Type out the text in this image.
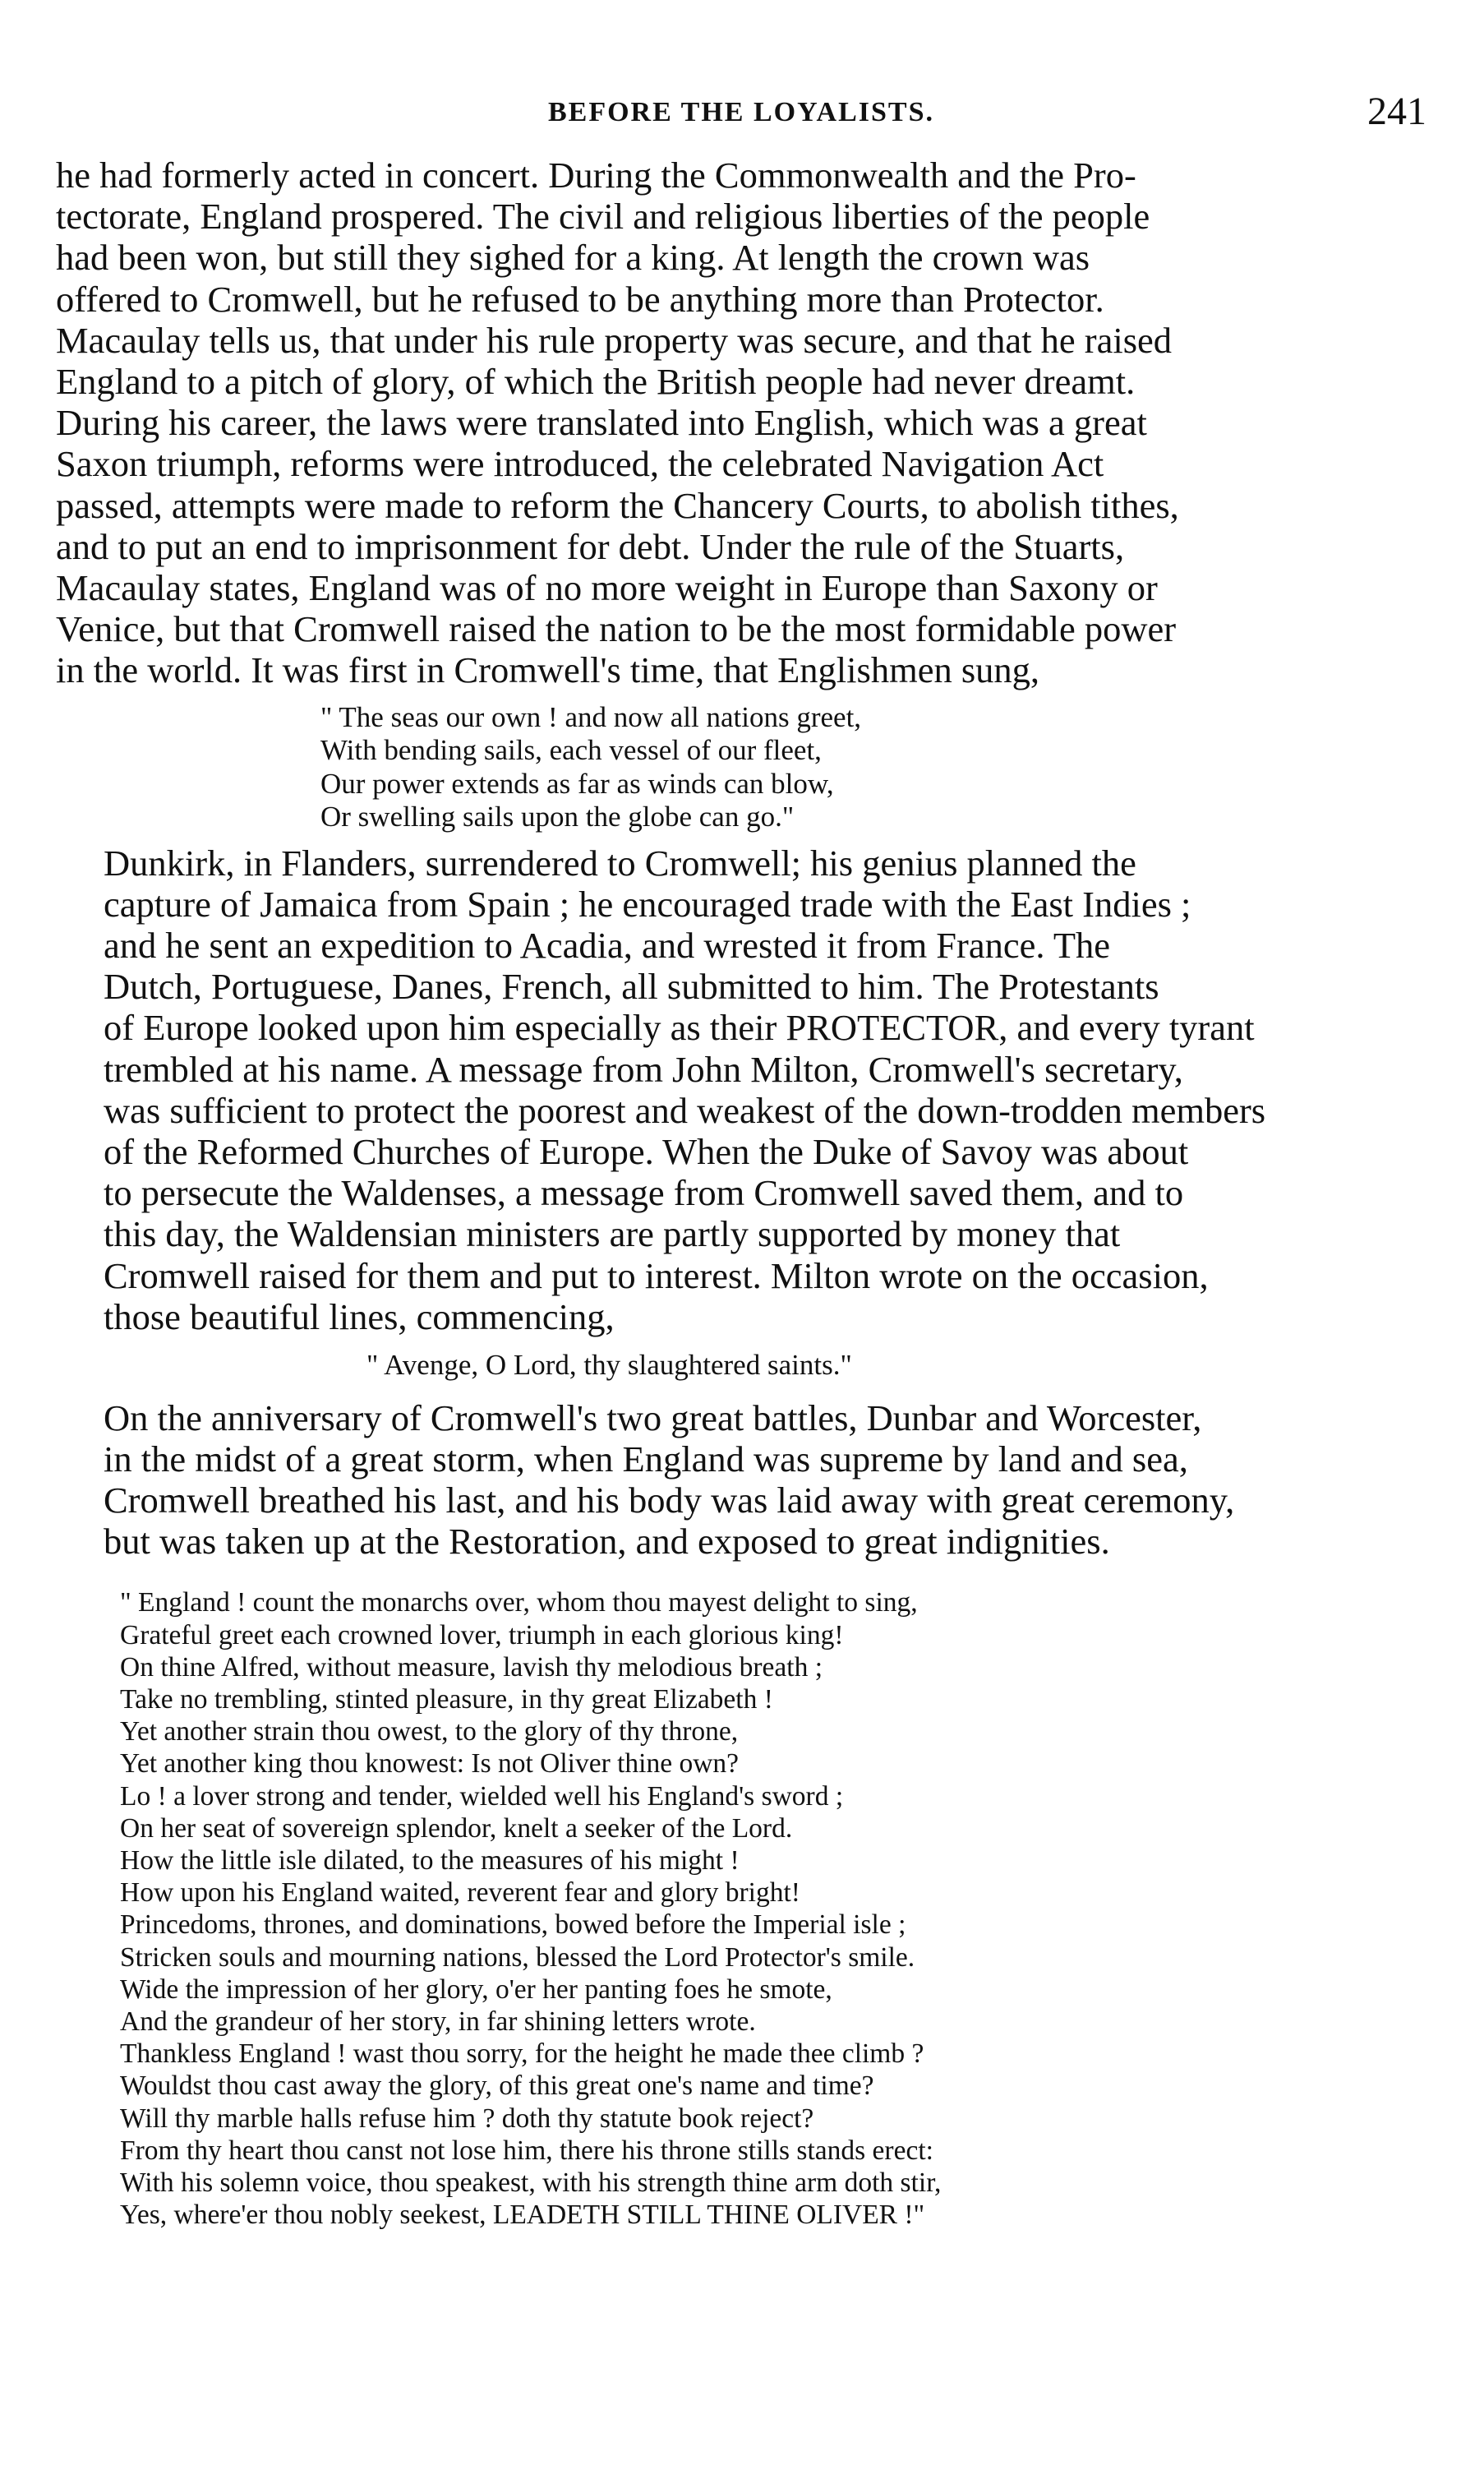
BEFORE THE LOYALISTS.	241
he had formerly acted in concert. During the Commonwealth and the Pro-
tectorate, England prospered. The civil and religious liberties of the people
had been won, but still they sighed for a king. At length the crown was
offered to Cromwell, but he refused to be anything more than Protector.
Macaulay tells us, that under his rule property was secure, and that he raised
England to a pitch of glory, of which the British people had never dreamt.
During his career, the laws were translated into English, which was a great
Saxon triumph, reforms were introduced, the celebrated Navigation Act
passed, attempts were made to reform the Chancery Courts, to abolish tithes,
and to put an end to imprisonment for debt. Under the rule of the Stuarts,
Macaulay states, England was of no more weight in Europe than Saxony or
Venice, but that Cromwell raised the nation to be the most formidable power
in the world. It was first in Cromwell's time, that Englishmen sung,
" The seas our own ! and now all nations greet,
With bending sails, each vessel of our fleet,
Our power extends as far as winds can blow,
Or swelling sails upon the globe can go."
Dunkirk, in Flanders, surrendered to Cromwell; his genius planned the
capture of Jamaica from Spain ; he encouraged trade with the East Indies ;
and he sent an expedition to Acadia, and wrested it from France. The
Dutch, Portuguese, Danes, French, all submitted to him. The Protestants
of Europe looked upon him especially as their PROTECTOR, and every tyrant
trembled at his name. A message from John Milton, Cromwell's secretary,
was sufficient to protect the poorest and weakest of the down-trodden members
of the Reformed Churches of Europe. When the Duke of Savoy was about
to persecute the Waldenses, a message from Cromwell saved them, and to
this day, the Waldensian ministers are partly supported by money that
Cromwell raised for them and put to interest. Milton wrote on the occasion,
those beautiful lines, commencing,
" Avenge, O Lord, thy slaughtered saints."
On the anniversary of Cromwell's two great battles, Dunbar and Worcester,
in the midst of a great storm, when England was supreme by land and sea,
Cromwell breathed his last, and his body was laid away with great ceremony,
but was taken up at the Restoration, and exposed to great indignities.
" England ! count the monarchs over, whom thou mayest delight to sing,
Grateful greet each crowned lover, triumph in each glorious king!
On thine Alfred, without measure, lavish thy melodious breath ;
Take no trembling, stinted pleasure, in thy great Elizabeth !
Yet another strain thou owest, to the glory of thy throne,
Yet another king thou knowest: Is not Oliver thine own?
Lo ! a lover strong and tender, wielded well his England's sword ;
On her seat of sovereign splendor, knelt a seeker of the Lord.
How the little isle dilated, to the measures of his might !
How upon his England waited, reverent fear and glory bright!
Princedoms, thrones, and dominations, bowed before the Imperial isle ;
Stricken souls and mourning nations, blessed the Lord Protector's smile.
Wide the impression of her glory, o'er her panting foes he smote,
And the grandeur of her story, in far shining letters wrote.
Thankless England ! wast thou sorry, for the height he made thee climb ?
Wouldst thou cast away the glory, of this great one's name and time?
Will thy marble halls refuse him ? doth thy statute book reject?
From thy heart thou canst not lose him, there his throne stills stands erect:
With his solemn voice, thou speakest, with his strength thine arm doth stir,
Yes, where'er thou nobly seekest, LEADETH STILL THINE OLIVER !"
